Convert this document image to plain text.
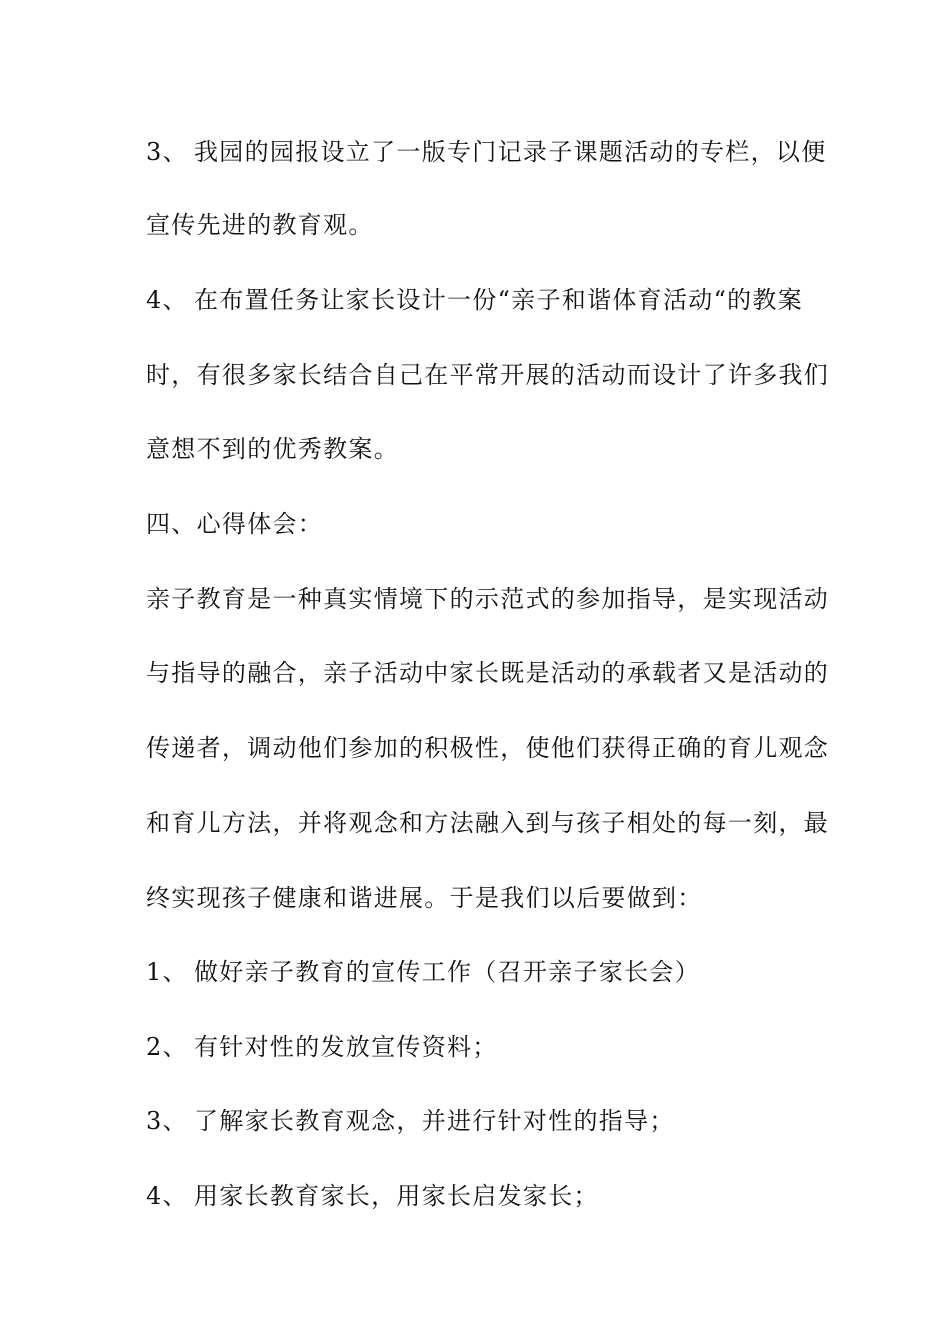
3、 我园的园报设立了一版专门记录子课题活动的专栏，以便
宣传先进的教育观。
4、 在布置任务让家长设计一份“亲子和谐体育活动“的教案
时，有很多家长结合自己在平常开展的活动而设计了许多我们
意想不到的优秀教案。
四、心得体会：
亲子教育是一种真实情境下的示范式的参加指导，是实现活动
与指导的融合，亲子活动中家长既是活动的承载者又是活动的
传递者，调动他们参加的积极性，使他们获得正确的育儿观念
和育儿方法，并将观念和方法融入到与孩子相处的每一刻，最
终实现孩子健康和谐进展。于是我们以后要做到：
1、 做好亲子教育的宣传工作（召开亲子家长会）
2、 有针对性的发放宣传资料；
3、 了解家长教育观念，并进行针对性的指导；
4、 用家长教育家长，用家长启发家长；
